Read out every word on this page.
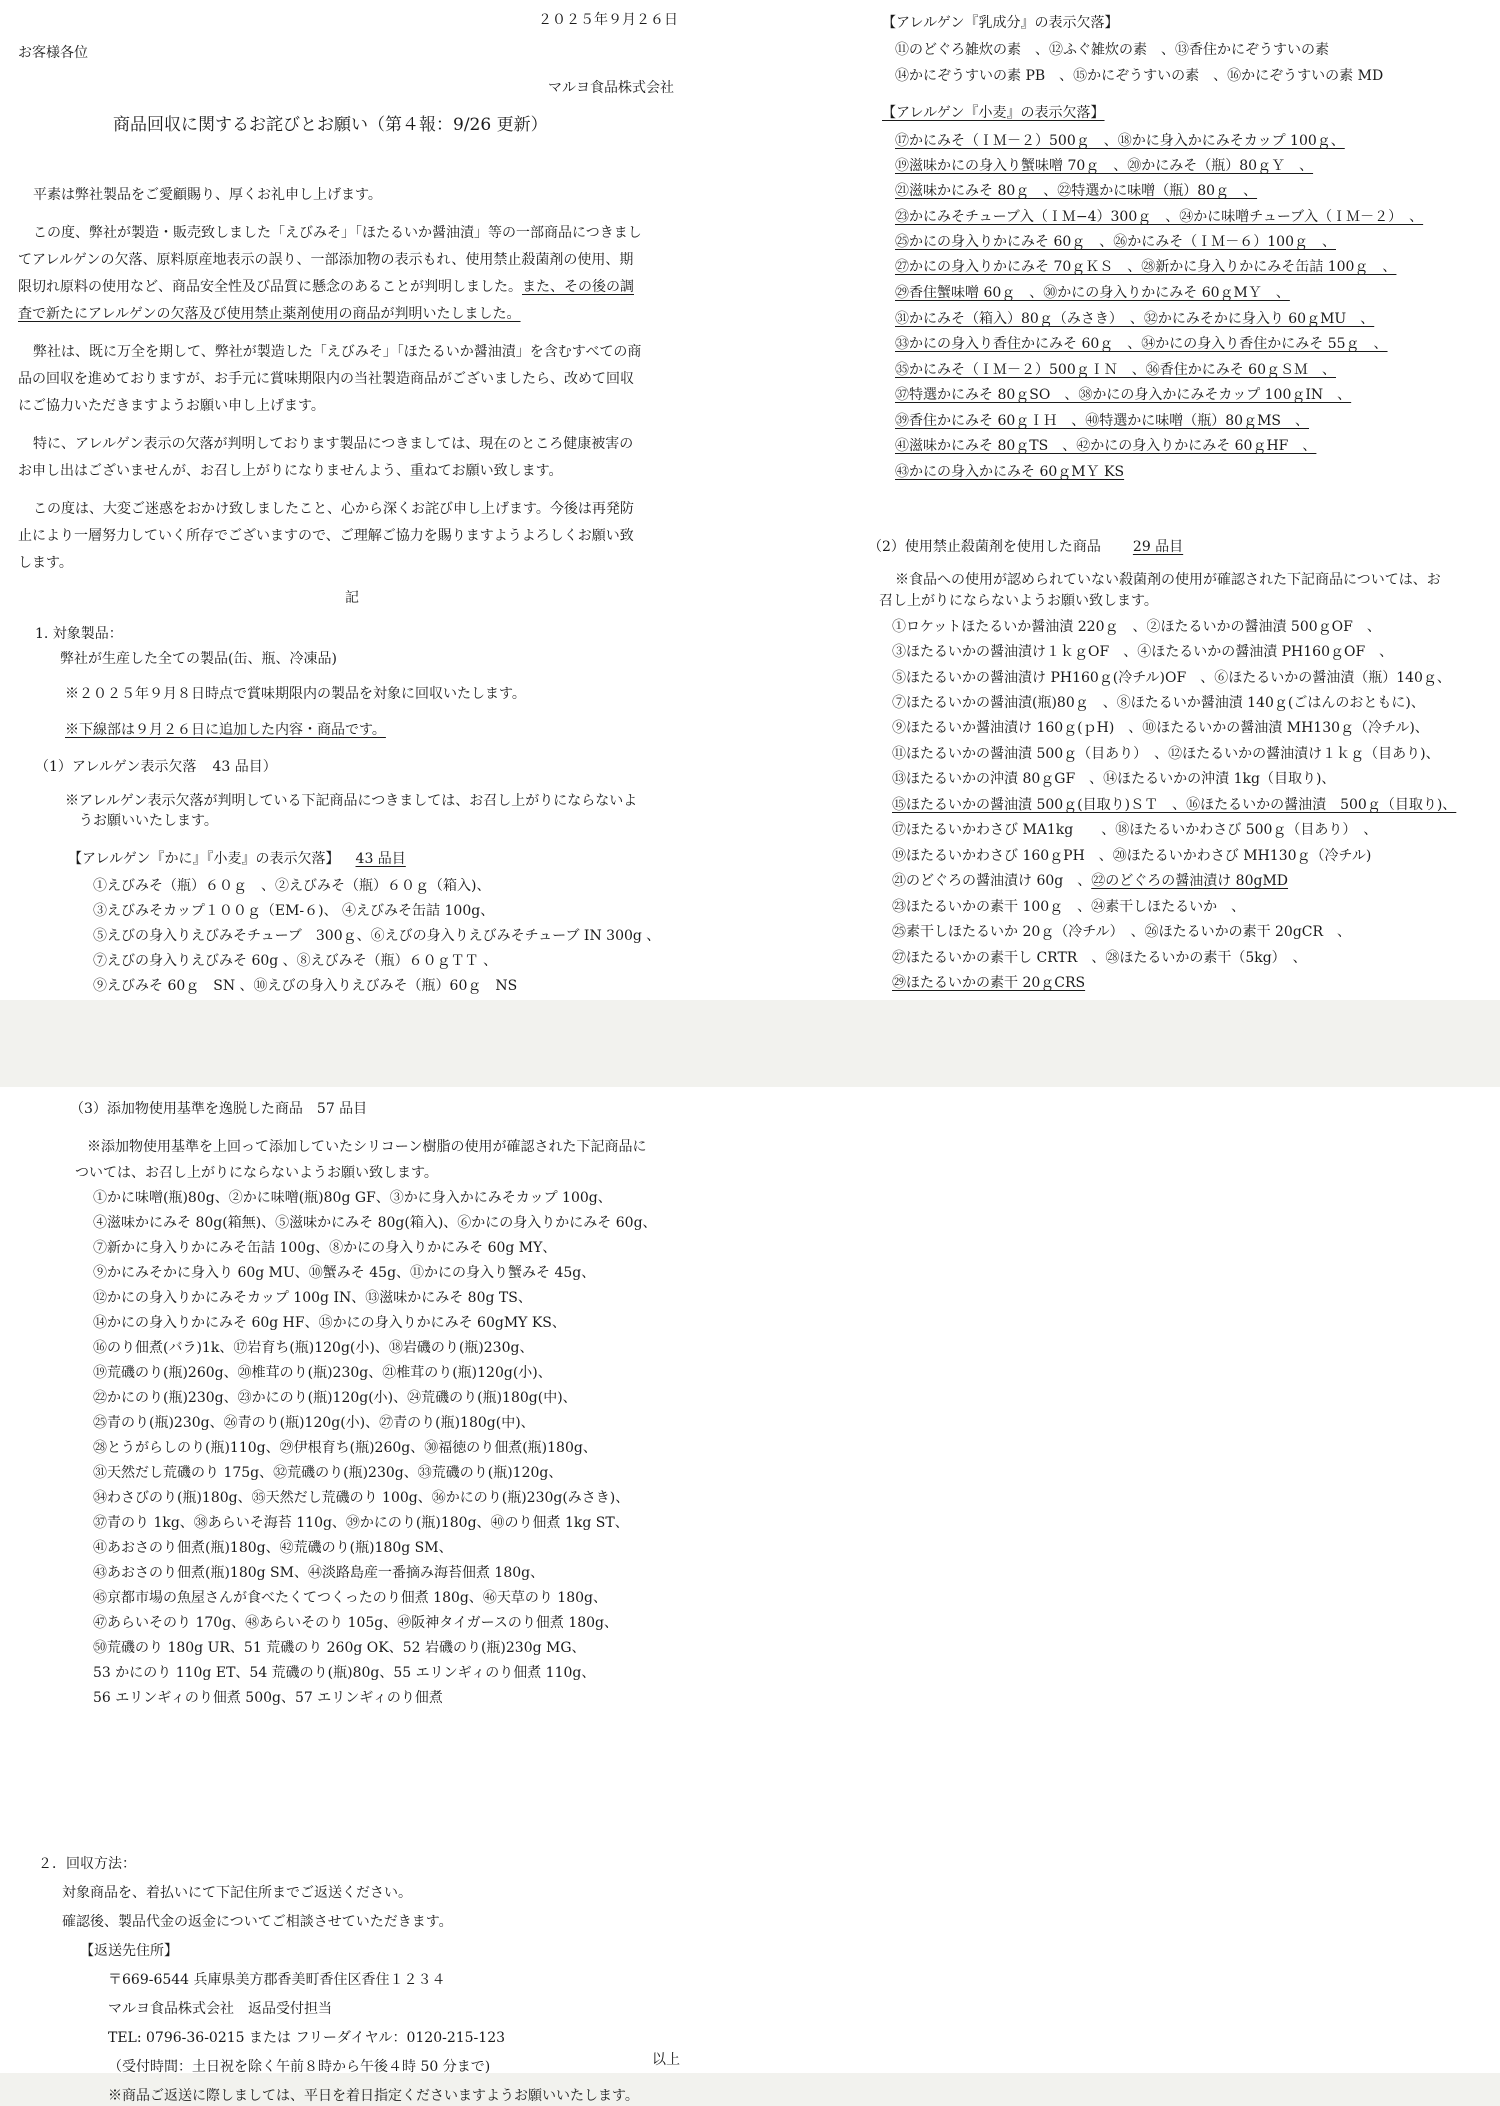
２０２５年９月２６日
お客様各位
マルヨ食品株式会社
商品回収に関するお詫びとお願い（第４報：9/26 更新）
平素は弊社製品をご愛顧賜り、厚くお礼申し上げます。
この度、弊社が製造・販売致しました「えびみそ」「ほたるいか醤油漬」等の一部商品につきまし
てアレルゲンの欠落、原料原産地表示の誤り、一部添加物の表示もれ、使用禁止殺菌剤の使用、期
限切れ原料の使用など、商品安全性及び品質に懸念のあることが判明しました。また、その後の調
査で新たにアレルゲンの欠落及び使用禁止薬剤使用の商品が判明いたしました。
弊社は、既に万全を期して、弊社が製造した「えびみそ」「ほたるいか醤油漬」を含むすべての商
品の回収を進めておりますが、お手元に賞味期限内の当社製造商品がございましたら、改めて回収
にご協力いただきますようお願い申し上げます。
特に、アレルゲン表示の欠落が判明しております製品につきましては、現在のところ健康被害の
お申し出はございませんが、お召し上がりになりませんよう、重ねてお願い致します。
この度は、大変ご迷惑をおかけ致しましたこと、心から深くお詫び申し上げます。今後は再発防
止により一層努力していく所存でございますので、ご理解ご協力を賜りますようよろしくお願い致
します。
記
1. 対象製品：
弊社が生産した全ての製品(缶、瓶、冷凍品)
※２０２５年９月８日時点で賞味期限内の製品を対象に回収いたします。
※下線部は９月２６日に追加した内容・商品です。
（1）アレルゲン表示欠落 43 品目）
※アレルゲン表示欠落が判明している下記商品につきましては、お召し上がりにならないよ
うお願いいたします。
【アレルゲン『かに』『小麦』の表示欠落】 43 品目
①えびみそ（瓶）６０ｇ　、②えびみそ（瓶）６０ｇ（箱入)、
③えびみそカップ１００ｇ（EM‐６)、 ④えびみそ缶詰 100g、
⑤えびの身入りえびみそチューブ　300ｇ、⑥えびの身入りえびみそチューブ IN 300g 、
⑦えびの身入りえびみそ 60g 、⑧えびみそ（瓶）６０ｇＴＴ 、
⑨えびみそ 60ｇ　SN 、⑩えびの身入りえびみそ（瓶）60ｇ　NS
【アレルゲン『乳成分』の表示欠落】
⑪のどぐろ雑炊の素　、⑫ふぐ雑炊の素　、⑬香住かにぞうすいの素
⑭かにぞうすいの素 PB　、⑮かにぞうすいの素　、⑯かにぞうすいの素 MD
【アレルゲン『小麦』の表示欠落】
⑰かにみそ（ＩＭ－２）500ｇ　、⑱かに身入かにみそカップ 100ｇ、
⑲滋味かにの身入り蟹味噌 70ｇ　、⑳かにみそ（瓶）80ｇＹ　、
㉑滋味かにみそ 80ｇ　、㉒特選かに味噌（瓶）80ｇ　、
㉓かにみそチューブ入（ＩＭ−4）300ｇ　、㉔かに味噌チューブ入（ＩＭ－２）　、
㉕かにの身入りかにみそ 60ｇ　、㉖かにみそ（ＩＭ－６）100ｇ　、
㉗かにの身入りかにみそ 70ｇＫＳ　、㉘新かに身入りかにみそ缶詰 100ｇ　、
㉙香住蟹味噌 60ｇ　、㉚かにの身入りかにみそ 60ｇMＹ　、
㉛かにみそ（箱入）80ｇ（みさき）　、㉜かにみそかに身入り 60ｇMU　、
㉝かにの身入り香住かにみそ 60ｇ　、㉞かにの身入り香住かにみそ 55ｇ　、
㉟かにみそ（ＩＭ－２）500ｇＩＮ　、㊱香住かにみそ 60ｇＳＭ　、
㊲特選かにみそ 80ｇSO　、㊳かにの身入かにみそカップ 100ｇIN　、
㊴香住かにみそ 60ｇＩＨ　、㊵特選かに味噌（瓶）80ｇMS　、
㊶滋味かにみそ 80ｇTS　、㊷かにの身入りかにみそ 60ｇHF　、
㊸かにの身入かにみそ 60ｇMＹ KS
（2）使用禁止殺菌剤を使用した商品 29 品目
※食品への使用が認められていない殺菌剤の使用が確認された下記商品については、お
召し上がりにならないようお願い致します。
①ロケットほたるいか醤油漬 220ｇ　、②ほたるいかの醤油漬 500ｇOF　、
③ほたるいかの醤油漬け１ｋｇOF　、④ほたるいかの醤油漬 PH160ｇOF　、
⑤ほたるいかの醤油漬け PH160ｇ(冷チル)OF　、⑥ほたるいかの醤油漬（瓶）140ｇ、
⑦ほたるいかの醤油漬(瓶)80ｇ　、⑧ほたるいか醤油漬 140ｇ(ごはんのおともに)、
⑨ほたるいか醤油漬け 160ｇ(ｐH)　、⑩ほたるいかの醤油漬 MH130ｇ（冷チル)、
⑪ほたるいかの醤油漬 500ｇ（目あり）　、⑫ほたるいかの醤油漬け１ｋｇ（目あり)、
⑬ほたるいかの沖漬 80ｇGF　、⑭ほたるいかの沖漬 1kg（目取り)、
⑮ほたるいかの醤油漬 500ｇ(目取り)ＳＴ　、⑯ほたるいかの醤油漬　500ｇ（目取り)、
⑰ほたるいかわさび MA1kg　　、⑱ほたるいかわさび 500ｇ（目あり）　、
⑲ほたるいかわさび 160ｇPH　、⑳ほたるいかわさび MH130ｇ（冷チル)
㉑のどぐろの醤油漬け 60g　、㉒のどぐろの醤油漬け 80gMD
㉓ほたるいかの素干 100ｇ　、㉔素干しほたるいか　、
㉕素干しほたるいか 20ｇ（冷チル）　、㉖ほたるいかの素干 20gCR　、
㉗ほたるいかの素干し CRTR　、㉘ほたるいかの素干（5kg）　、
㉙ほたるいかの素干 20ｇCRS
（3）添加物使用基準を逸脱した商品　57 品目
※添加物使用基準を上回って添加していたシリコーン樹脂の使用が確認された下記商品に
ついては、お召し上がりにならないようお願い致します。
①かに味噌(瓶)80g、②かに味噌(瓶)80g GF、③かに身入かにみそカップ 100g、
④滋味かにみそ 80g(箱無)、⑤滋味かにみそ 80g(箱入)、⑥かにの身入りかにみそ 60g、
⑦新かに身入りかにみそ缶詰 100g、⑧かにの身入りかにみそ 60g MY、
⑨かにみそかに身入り 60g MU、⑩蟹みそ 45g、⑪かにの身入り蟹みそ 45g、
⑫かにの身入りかにみそカップ 100g IN、⑬滋味かにみそ 80g TS、
⑭かにの身入りかにみそ 60g HF、⑮かにの身入りかにみそ 60gMY KS、
⑯のり佃煮(バラ)1k、⑰岩育ち(瓶)120g(小)、⑱岩磯のり(瓶)230g、
⑲荒磯のり(瓶)260g、⑳椎茸のり(瓶)230g、㉑椎茸のり(瓶)120g(小)、
㉒かにのり(瓶)230g、㉓かにのり(瓶)120g(小)、㉔荒磯のり(瓶)180g(中)、
㉕青のり(瓶)230g、㉖青のり(瓶)120g(小)、㉗青のり(瓶)180g(中)、
㉘とうがらしのり(瓶)110g、㉙伊根育ち(瓶)260g、㉚福徳のり佃煮(瓶)180g、
㉛天然だし荒磯のり 175g、㉜荒磯のり(瓶)230g、㉝荒磯のり(瓶)120g、
㉞わさびのり(瓶)180g、㉟天然だし荒磯のり 100g、㊱かにのり(瓶)230g(みさき)、
㊲青のり 1kg、㊳あらいそ海苔 110g、㊴かにのり(瓶)180g、㊵のり佃煮 1kg ST、
㊶あおさのり佃煮(瓶)180g、㊷荒磯のり(瓶)180g SM、
㊸あおさのり佃煮(瓶)180g SM、㊹淡路島産一番摘み海苔佃煮 180g、
㊺京都市場の魚屋さんが食べたくてつくったのり佃煮 180g、㊻天草のり 180g、
㊼あらいそのり 170g、㊽あらいそのり 105g、㊾阪神タイガースのり佃煮 180g、
㊿荒磯のり 180g UR、51 荒磯のり 260g OK、52 岩磯のり(瓶)230g MG、
53 かにのり 110g ET、54 荒磯のり(瓶)80g、55 エリンギィのり佃煮 110g、
56 エリンギィのり佃煮 500g、57 エリンギィのり佃煮
２．回収方法：
対象商品を、着払いにて下記住所までご返送ください。
確認後、製品代金の返金についてご相談させていただきます。
【返送先住所】
〒669-6544 兵庫県美方郡香美町香住区香住１２３４
マルヨ食品株式会社　返品受付担当
TEL: 0796-36-0215 または フリーダイヤル：0120-215-123
（受付時間：土日祝を除く午前８時から午後４時 50 分まで)
※商品ご返送に際しましては、平日を着日指定くださいますようお願いいたします。
以上
